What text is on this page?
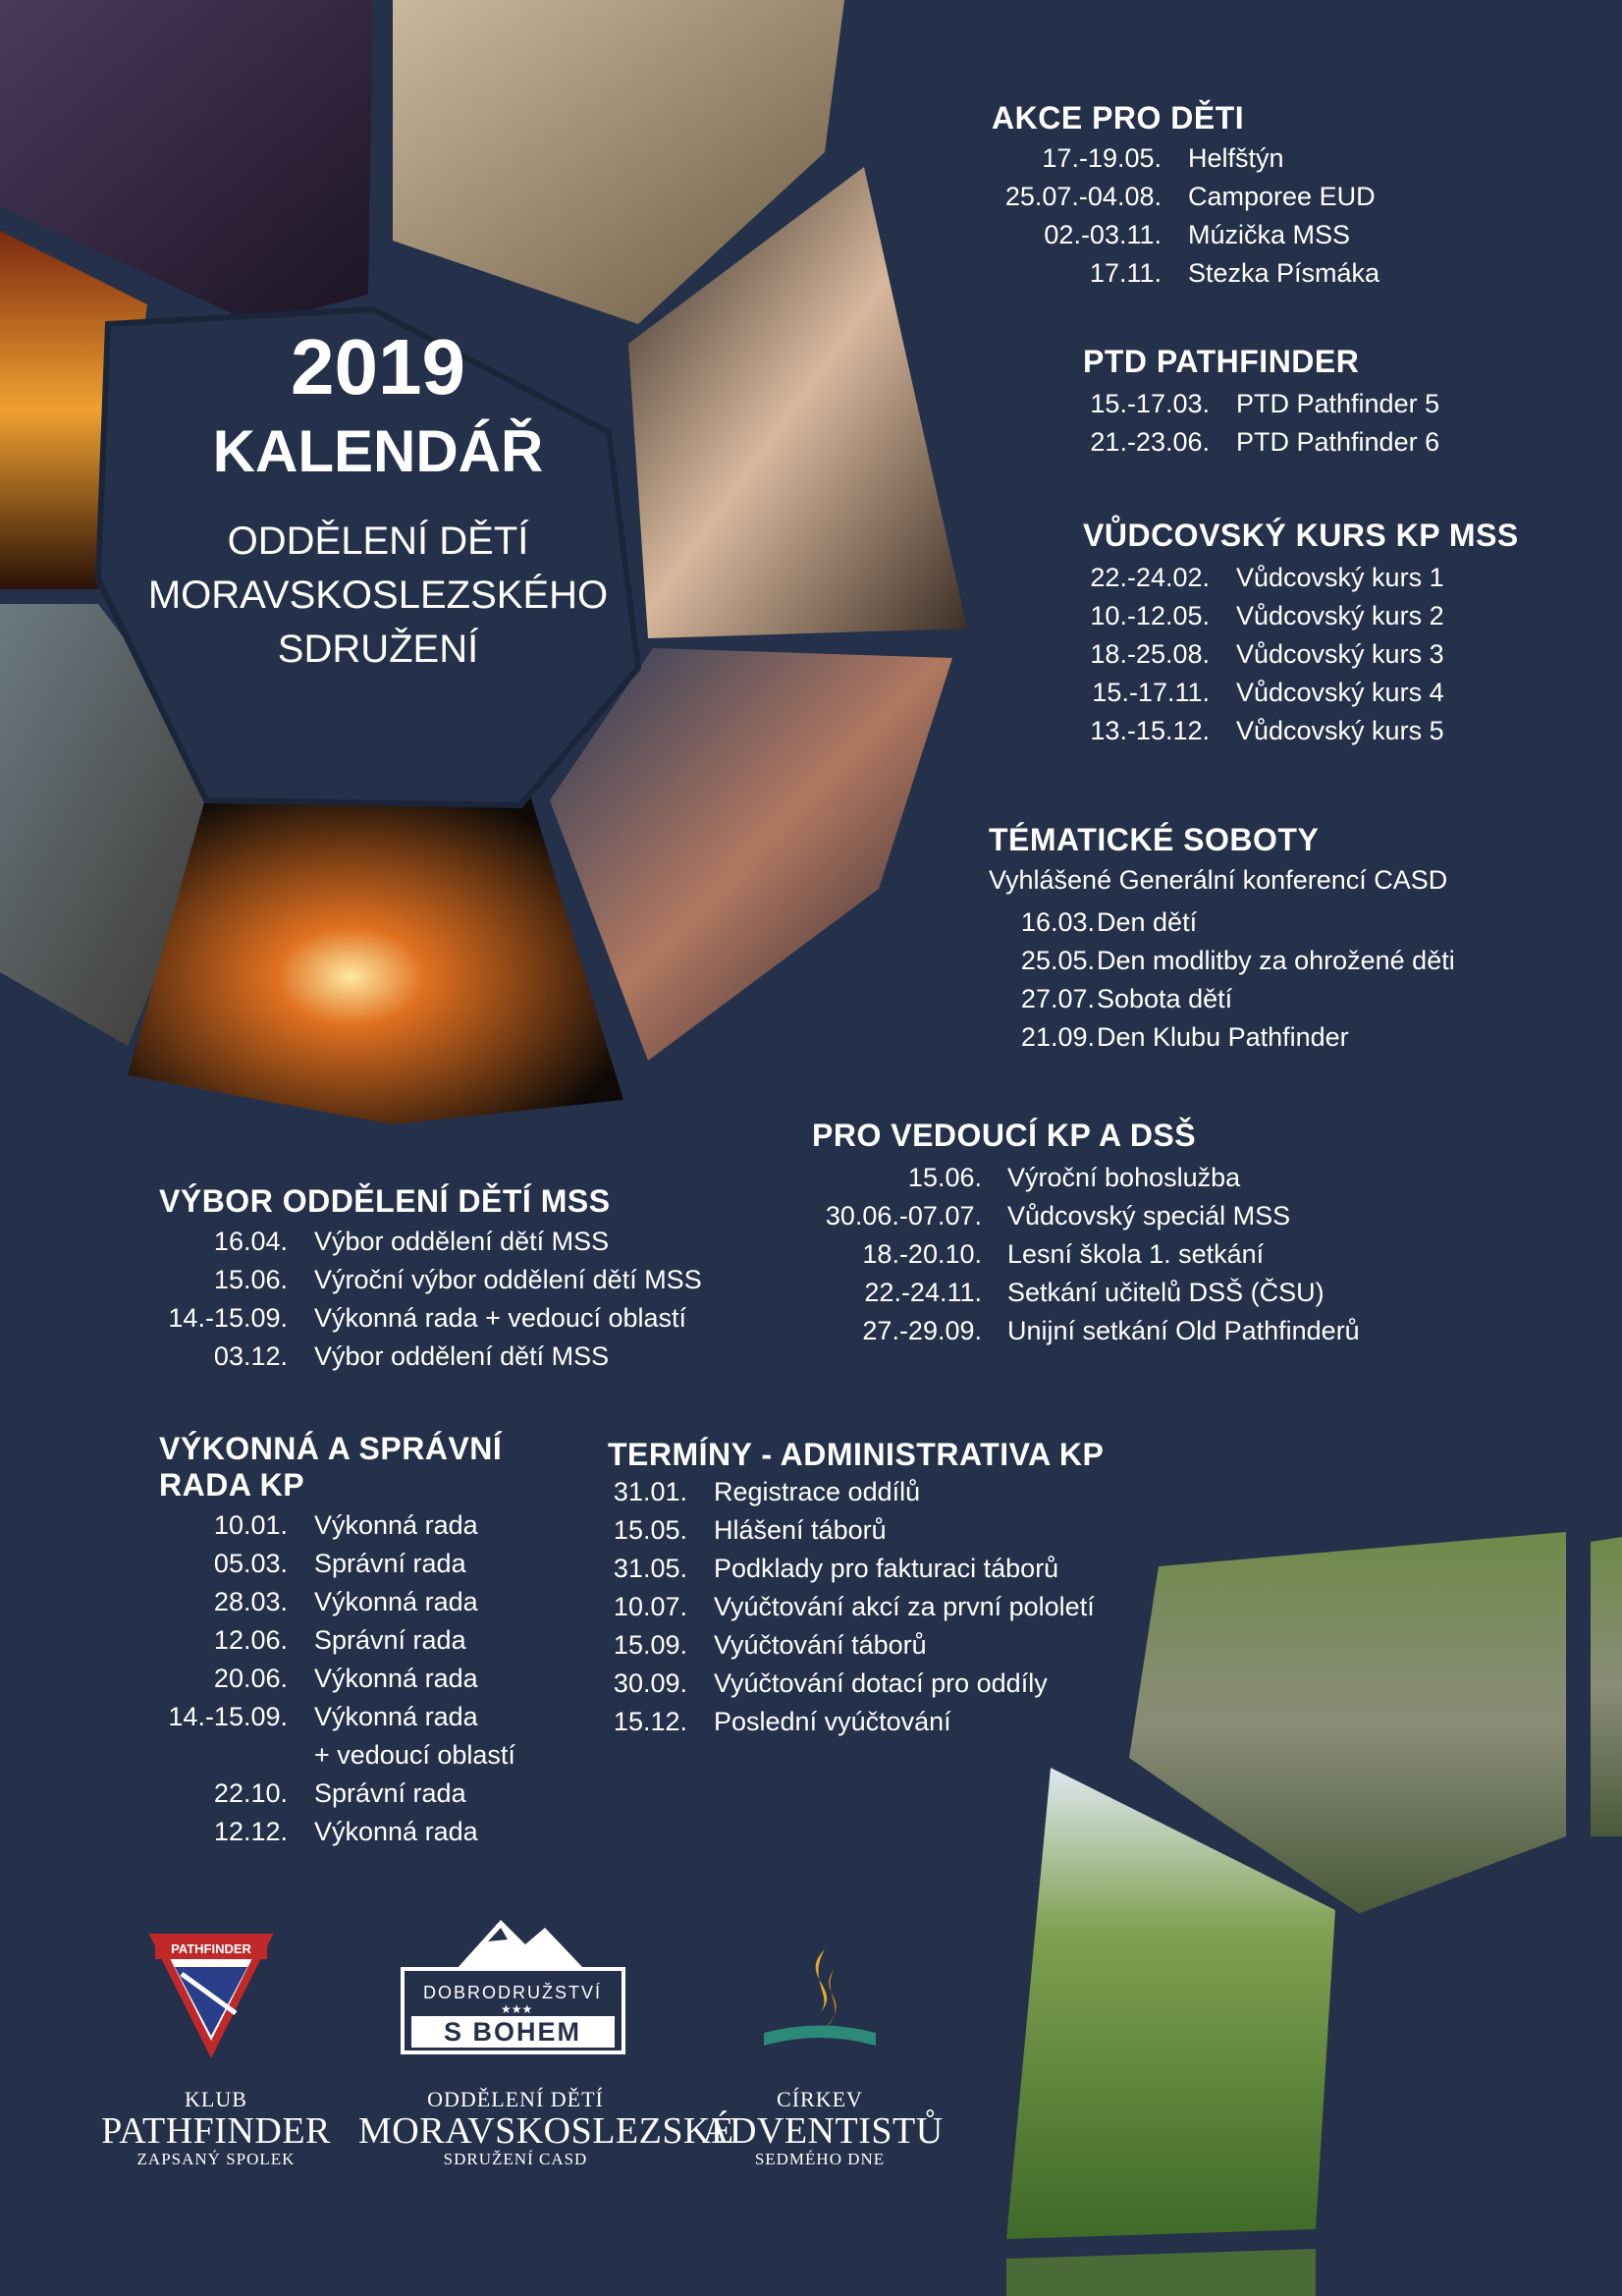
2019
KALENDÁŘ
ODDĚLENÍ DĚTÍ
MORAVSKOSLEZSKÉHO
SDRUŽENÍ
AKCE PRO DĚTI
17.-19.05. Helfštýn
25.07.-04.08. Camporee EUD
02.-03.11. Múzička MSS
17.11. Stezka Písmáka
PTD PATHFINDER
15.-17.03. PTD Pathfinder 5
21.-23.06. PTD Pathfinder 6
VŮDCOVSKÝ KURS KP MSS
22.-24.02. Vůdcovský kurs 1
10.-12.05. Vůdcovský kurs 2
18.-25.08. Vůdcovský kurs 3
15.-17.11. Vůdcovský kurs 4
13.-15.12. Vůdcovský kurs 5
TÉMATICKÉ SOBOTY
Vyhlášené Generální konferencí CASD
16.03. Den dětí
25.05. Den modlitby za ohrožené děti
27.07. Sobota dětí
21.09. Den Klubu Pathfinder
PRO VEDOUCÍ KP A DSŠ
15.06. Výroční bohoslužba
30.06.-07.07. Vůdcovský speciál MSS
18.-20.10. Lesní škola 1. setkání
22.-24.11. Setkání učitelů DSŠ (ČSU)
27.-29.09. Unijní setkání Old Pathfinderů
VÝBOR ODDĚLENÍ DĚTÍ MSS
16.04. Výbor oddělení dětí MSS
15.06. Výroční výbor oddělení dětí MSS
14.-15.09. Výkonná rada + vedoucí oblastí
03.12. Výbor oddělení dětí MSS
VÝKONNÁ A SPRÁVNÍ
RADA KP
10.01. Výkonná rada
05.03. Správní rada
28.03. Výkonná rada
12.06. Správní rada
20.06. Výkonná rada
14.-15.09. Výkonná rada
+ vedoucí oblastí
22.10. Správní rada
12.12. Výkonná rada
TERMÍNY - ADMINISTRATIVA KP
31.01. Registrace oddílů
15.05. Hlášení táborů
31.05. Podklady pro fakturaci táborů
10.07. Vyúčtování akcí za první pololetí
15.09. Vyúčtování táborů
30.09. Vyúčtování dotací pro oddíly
15.12. Poslední vyúčtování
PATHFINDER
KLUB
PATHFINDER
ZAPSANÝ SPOLEK
DOBRODRUŽSTVÍ
★★★
S BOHEM
ODDĚLENÍ DĚTÍ
MORAVSKOSLEZSKÉ
SDRUŽENÍ CASD
CÍRKEV
ADVENTISTŮ
SEDMÉHO DNE
